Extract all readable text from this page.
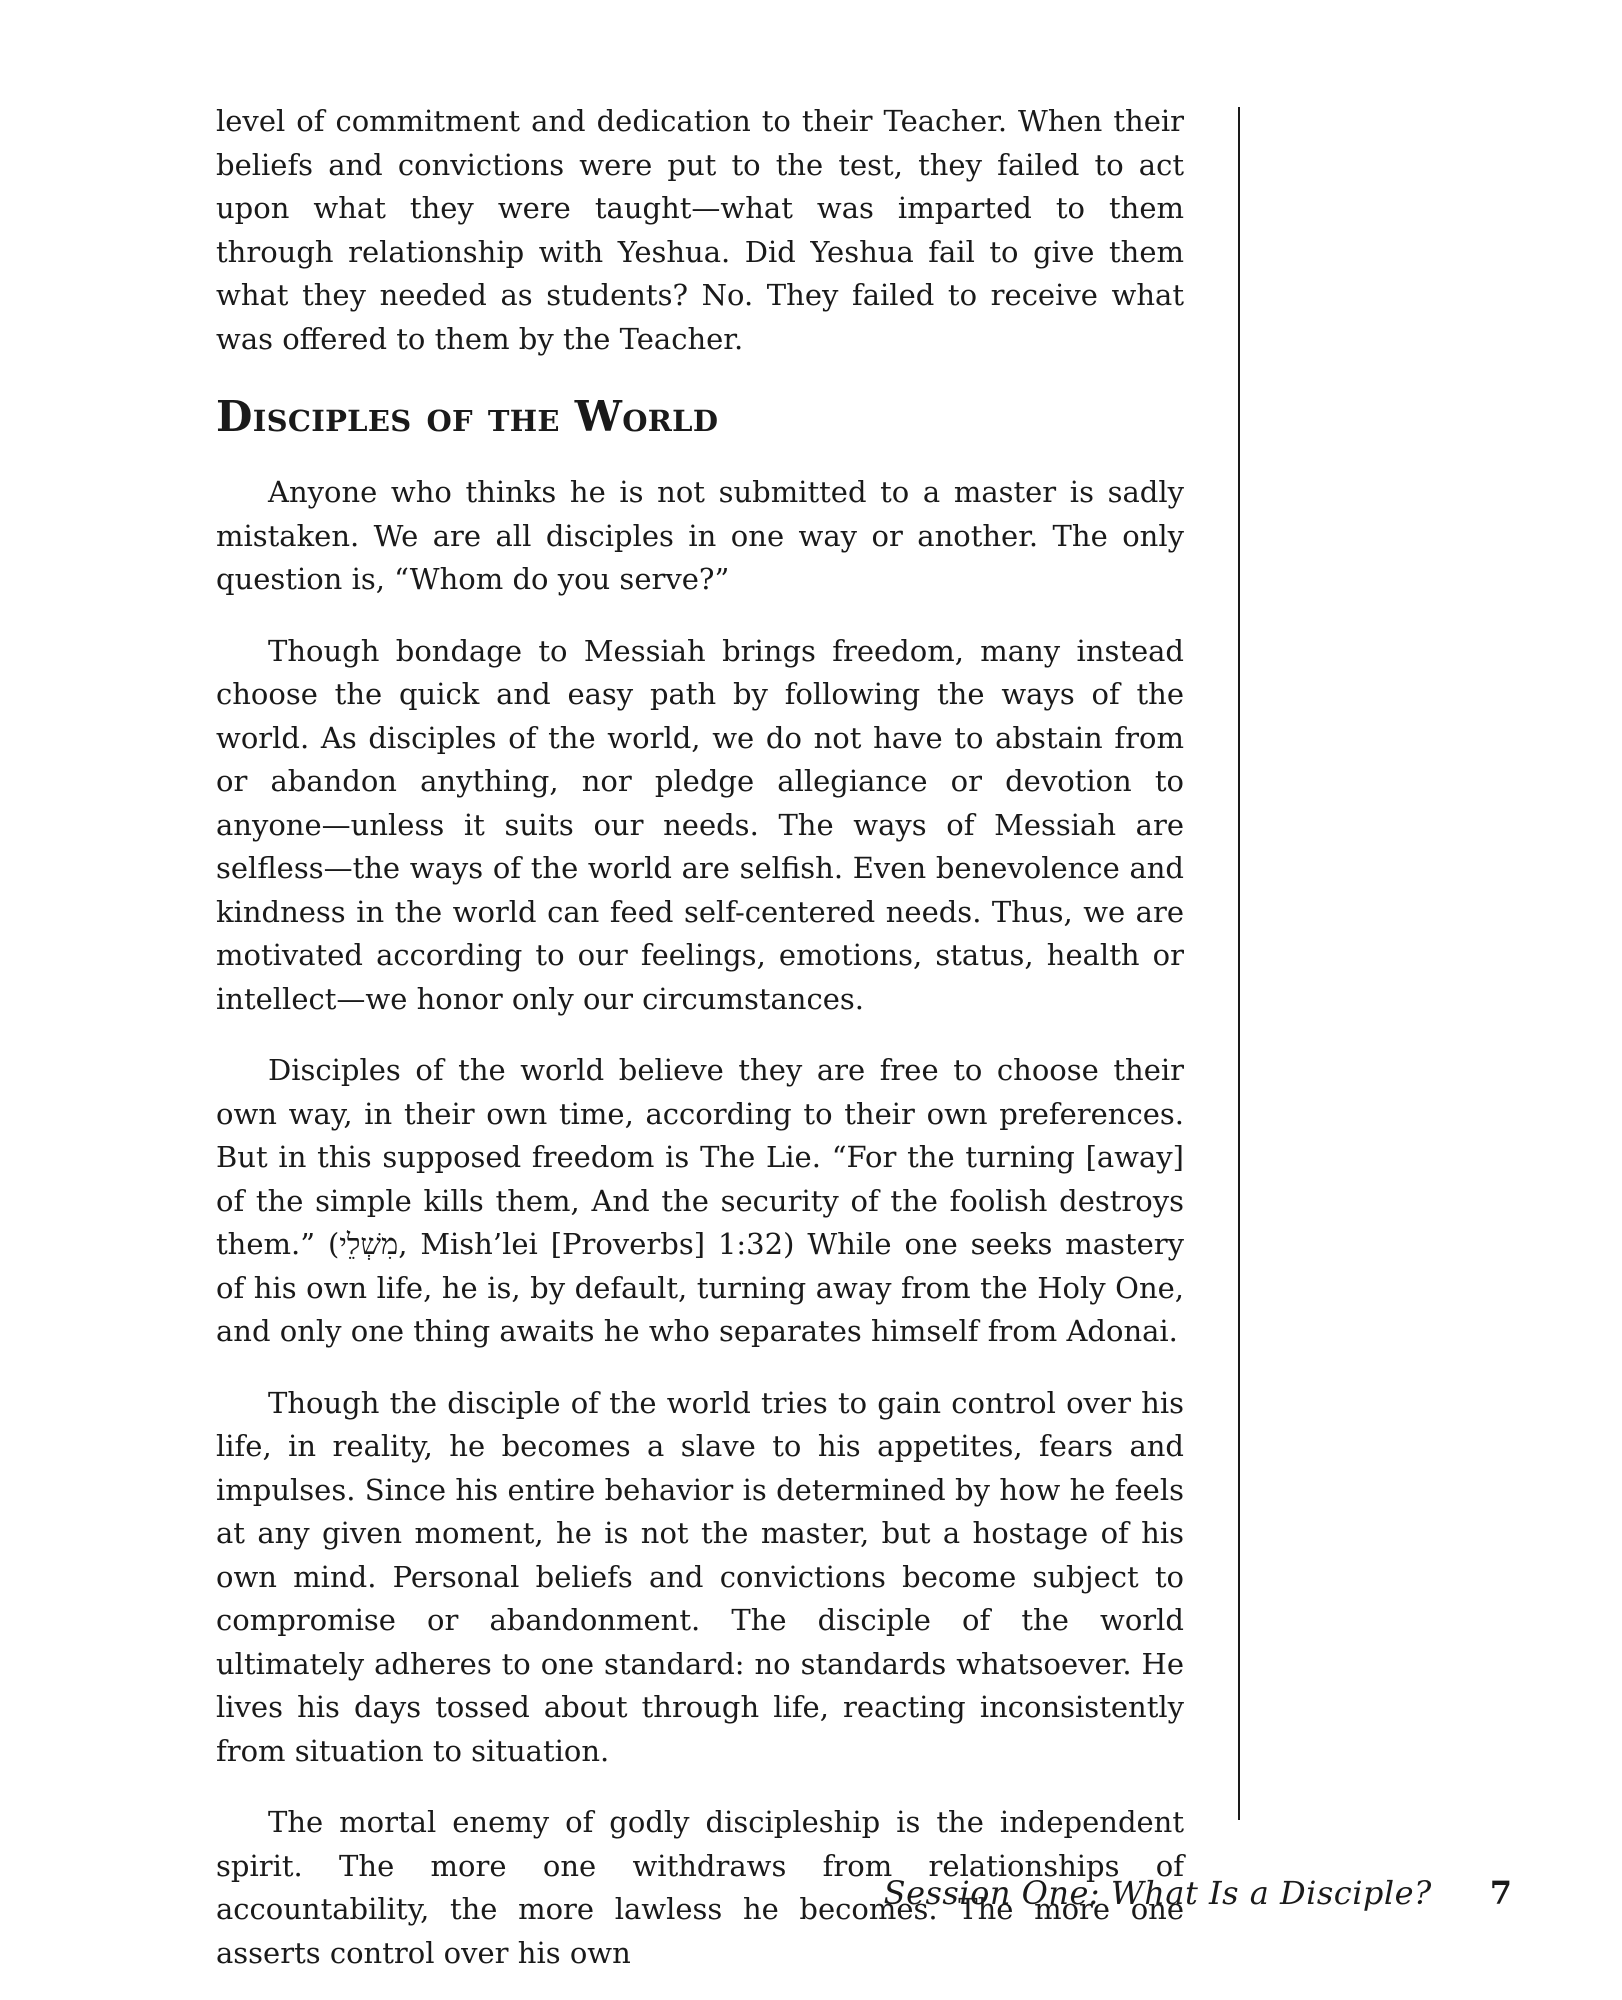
level of commitment and dedication to their Teacher. When their beliefs and convictions were put to the test, they failed to act upon what they were taught—what was imparted to them through relationship with Yeshua. Did Yeshua fail to give them what they needed as students? No. They failed to receive what was offered to them by the Teacher.

Disciples of the World

Anyone who thinks he is not submitted to a master is sadly mistaken. We are all disciples in one way or another. The only question is, “Whom do you serve?”

Though bondage to Messiah brings freedom, many instead choose the quick and easy path by following the ways of the world. As disciples of the world, we do not have to abstain from or abandon anything, nor pledge allegiance or devotion to anyone—unless it suits our needs. The ways of Messiah are selfless—the ways of the world are selfish. Even benevolence and kindness in the world can feed self-centered needs. Thus, we are motivated according to our feelings, emotions, status, health or intellect—we honor only our circumstances.

Disciples of the world believe they are free to choose their own way, in their own time, according to their own preferences. But in this supposed freedom is The Lie. “For the turning [away] of the simple kills them, And the security of the foolish destroys them.” (מִשְׁלֵי, Mish’lei [Proverbs] 1:32) While one seeks mastery of his own life, he is, by default, turning away from the Holy One, and only one thing awaits he who separates himself from Adonai.

Though the disciple of the world tries to gain control over his life, in reality, he becomes a slave to his appetites, fears and impulses. Since his entire behavior is determined by how he feels at any given moment, he is not the master, but a hostage of his own mind. Personal beliefs and convictions become subject to compromise or abandonment. The disciple of the world ultimately adheres to one standard: no standards whatsoever. He lives his days tossed about through life, reacting inconsistently from situation to situation.

The mortal enemy of godly discipleship is the independent spirit. The more one withdraws from relationships of accountability, the more lawless he becomes. The more one asserts control over his own

Session One: What Is a Disciple? 7
